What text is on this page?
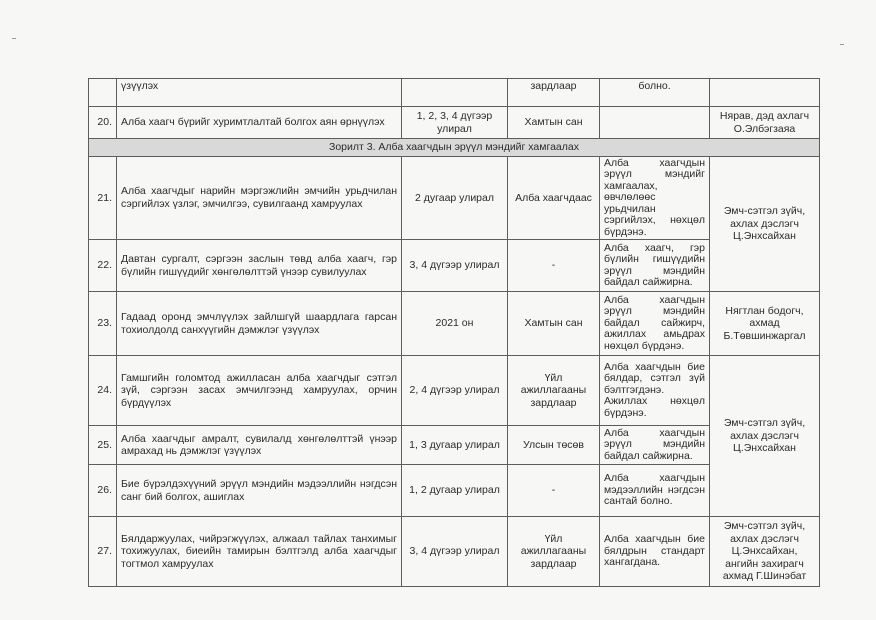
	үзүүлэх		зардлаар	болно.	
20.	Алба хаагч бүрийг хуримтлалтай болгох аян өрнүүлэх	1, 2, 3, 4 дүгээр улирал	Хамтын сан		Нярав, дэд ахлагч О.Элбэгзаяа
Зорилт 3. Алба хаагчдын эрүүл мэндийг хамгаалах					
21.	Алба хаагчдыг нарийн мэргэжлийн эмчийн урьдчилан сэргийлэх үзлэг, эмчилгээ, сувилгаанд хамруулах	2 дугаар улирал	Алба хаагчдаас	Алба хаагчдын эрүүл мэндийг хамгаалах, өвчлөлөөс урьдчилан сэргийлэх, нөхцөл бүрдэнэ.	Эмч-сэтгэл зүйч, ахлах дэслэгч Ц.Энхсайхан
22.	Давтан сургалт, сэргээн заслын төвд алба хаагч, гэр бүлийн гишүүдийг хөнгөлөлттэй үнээр сувилуулах	3, 4 дүгээр улирал	-	Алба хаагч, гэр бүлийн гишүүдийн эрүүл мэндийн байдал сайжирна.	
23.	Гадаад оронд эмчлүүлэх зайлшгүй шаардлага гарсан тохиолдолд санхүүгийн дэмжлэг үзүүлэх	2021 он	Хамтын сан	Алба хаагчдын эрүүл мэндийн байдал сайжирч, ажиллах амьдрах нөхцөл бүрдэнэ.	Нягтлан бодогч, ахмад Б.Төвшинжаргал
24.	Гамшгийн голомтод ажилласан алба хаагчдыг сэтгэл зүй, сэргээн засах эмчилгээнд хамруулах, орчин бүрдүүлэх	2, 4 дүгээр улирал	Үйл ажиллагааны зардлаар	Алба хаагчдын бие бялдар, сэтгэл зүй бэлтгэгдэнэ. Ажиллах нөхцөл бүрдэнэ.	Эмч-сэтгэл зүйч, ахлах дэслэгч Ц.Энхсайхан
25.	Алба хаагчдыг амралт, сувилалд хөнгөлөлттэй үнээр амрахад нь дэмжлэг үзүүлэх	1, 3 дугаар улирал	Улсын төсөв	Алба хаагчдын эрүүл мэндийн байдал сайжирна.	
26.	Бие бүрэлдэхүүний эрүүл мэндийн мэдээллийн нэгдсэн санг бий болгох, ашиглах	1, 2 дугаар улирал	-	Алба хаагчдын мэдээллийн нэгдсэн сантай болно.	
27.	Бялдаржуулах, чийрэгжүүлэх, алжаал тайлах танхимыг тохижуулах, биеийн тамирын бэлтгэлд алба хаагчдыг тогтмол хамруулах	3, 4 дүгээр улирал	Үйл ажиллагааны зардлаар	Алба хаагчдын бие бялдрын стандарт хангагдана.	Эмч-сэтгэл зүйч, ахлах дэслэгч Ц.Энхсайхан, ангийн захирагч ахмад Г.Шинэбат
